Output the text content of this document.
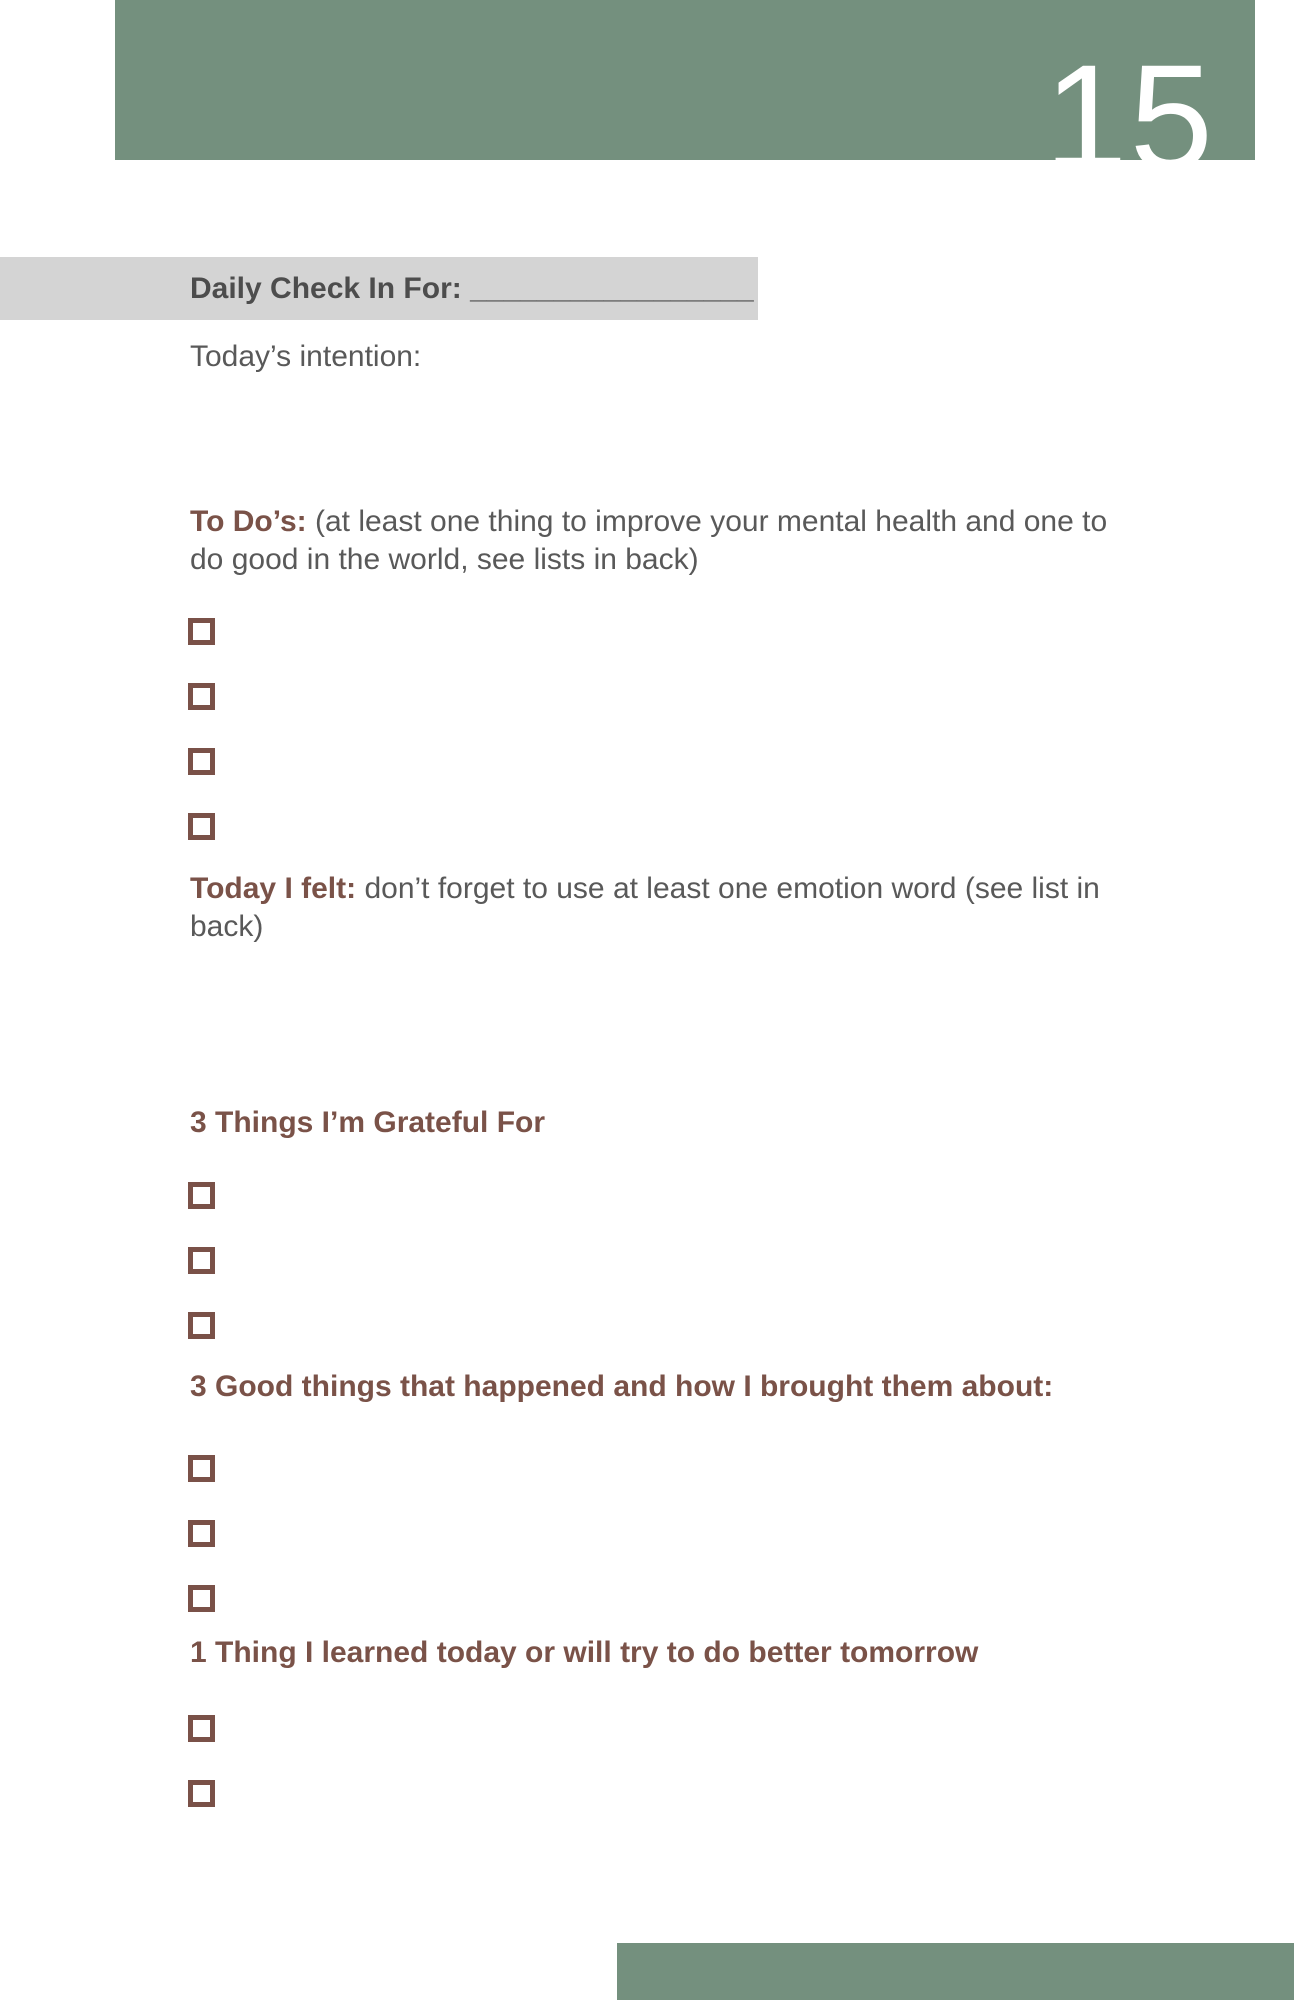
15
Daily Check In For: _________________
Today’s intention:

To Do’s: (at least one thing to improve your mental health and one to do good in the world, see lists in back)

Today I felt: don’t forget to use at least one emotion word (see list in back)

3 Things I’m Grateful For
3 Good things that happened and how I brought them about:
1 Thing I learned today or will try to do better tomorrow
